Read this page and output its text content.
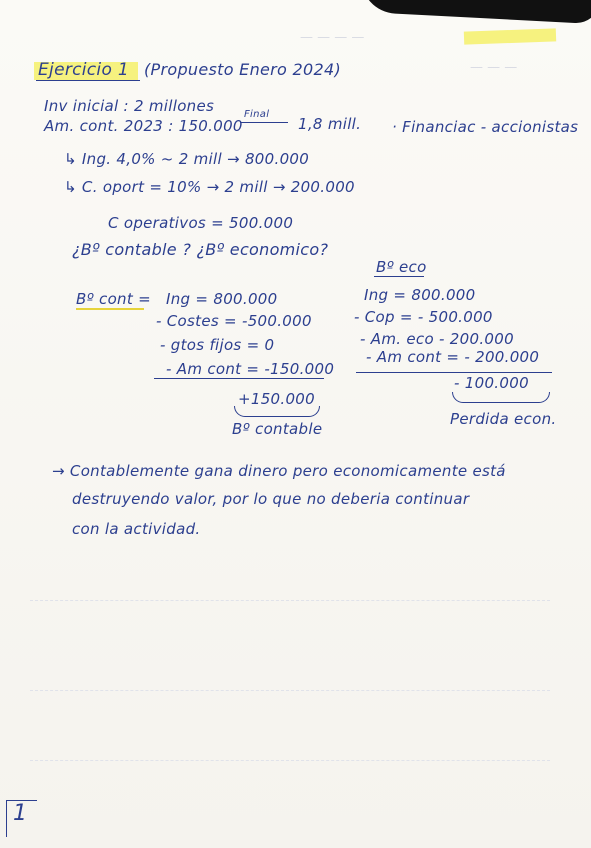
— — — —
— — —
Ejercicio 1 (Propuesto Enero 2024)
Inv inicial : 2 millones
Am. cont. 2023 : 150.000
Final
1,8 mill. · Financiac - accionistas
↳ Ing. 4,0% ~ 2 mill → 800.000
↳ C. oport = 10% → 2 mill → 200.000
C operativos = 500.000
¿Bº contable ? ¿Bº economico?
Bº cont = Ing = 800.000
- Costes = -500.000
- gtos fijos = 0
- Am cont = -150.000
+150.000
Bº contable
Bº eco
Ing = 800.000
- Cop = - 500.000
- Am. eco - 200.000
- Am cont = - 200.000
- 100.000
Perdida econ.
→ Contablemente gana dinero pero economicamente está
destruyendo valor, por lo que no deberia continuar
con la actividad.
1
